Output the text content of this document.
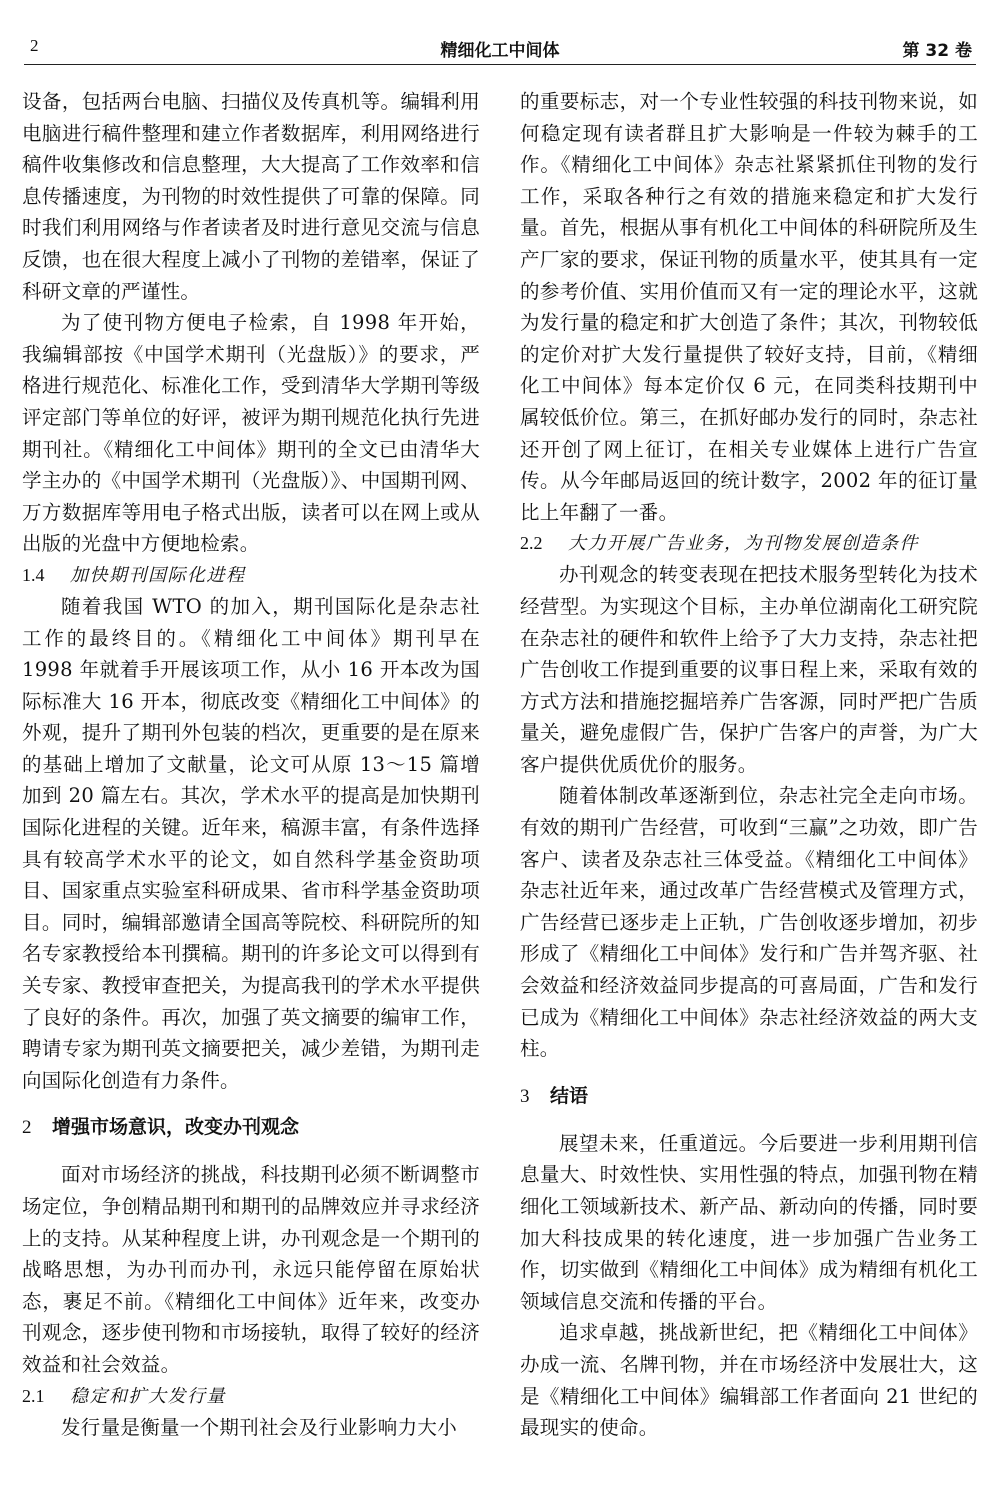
2	精细化工中间体	第 32 卷

设备，包括两台电脑、扫描仪及传真机等。编辑利用电脑进行稿件整理和建立作者数据库，利用网络进行稿件收集修改和信息整理，大大提高了工作效率和信息传播速度，为刊物的时效性提供了可靠的保障。同时我们利用网络与作者读者及时进行意见交流与信息反馈，也在很大程度上减小了刊物的差错率，保证了科研文章的严谨性。

为了使刊物方便电子检索，自 1998 年开始，我编辑部按《中国学术期刊（光盘版）》的要求，严格进行规范化、标准化工作，受到清华大学期刊等级评定部门等单位的好评，被评为期刊规范化执行先进期刊社。《精细化工中间体》期刊的全文已由清华大学主办的《中国学术期刊（光盘版）》、中国期刊网、万方数据库等用电子格式出版，读者可以在网上或从出版的光盘中方便地检索。

1.4 加快期刊国际化进程

随着我国 WTO 的加入，期刊国际化是杂志社工作的最终目的。《精细化工中间体》期刊早在 1998 年就着手开展该项工作，从小 16 开本改为国际标准大 16 开本，彻底改变《精细化工中间体》的外观，提升了期刊外包装的档次，更重要的是在原来的基础上增加了文献量，论文可从原 13～15 篇增加到 20 篇左右。其次，学术水平的提高是加快期刊国际化进程的关键。近年来，稿源丰富，有条件选择具有较高学术水平的论文，如自然科学基金资助项目、国家重点实验室科研成果、省市科学基金资助项目。同时，编辑部邀请全国高等院校、科研院所的知名专家教授给本刊撰稿。期刊的许多论文可以得到有关专家、教授审查把关，为提高我刊的学术水平提供了良好的条件。再次，加强了英文摘要的编审工作，聘请专家为期刊英文摘要把关，减少差错，为期刊走向国际化创造有力条件。

2 增强市场意识，改变办刊观念

面对市场经济的挑战，科技期刊必须不断调整市场定位，争创精品期刊和期刊的品牌效应并寻求经济上的支持。从某种程度上讲，办刊观念是一个期刊的战略思想，为办刊而办刊，永远只能停留在原始状态，裹足不前。《精细化工中间体》近年来，改变办刊观念，逐步使刊物和市场接轨，取得了较好的经济效益和社会效益。

2.1 稳定和扩大发行量

发行量是衡量一个期刊社会及行业影响力大小

的重要标志，对一个专业性较强的科技刊物来说，如何稳定现有读者群且扩大影响是一件较为棘手的工作。《精细化工中间体》杂志社紧紧抓住刊物的发行工作，采取各种行之有效的措施来稳定和扩大发行量。首先，根据从事有机化工中间体的科研院所及生产厂家的要求，保证刊物的质量水平，使其具有一定的参考价值、实用价值而又有一定的理论水平，这就为发行量的稳定和扩大创造了条件；其次，刊物较低的定价对扩大发行量提供了较好支持，目前，《精细化工中间体》每本定价仅 6 元，在同类科技期刊中属较低价位。第三，在抓好邮办发行的同时，杂志社还开创了网上征订，在相关专业媒体上进行广告宣传。从今年邮局返回的统计数字，2002 年的征订量比上年翻了一番。

2.2 大力开展广告业务，为刊物发展创造条件

办刊观念的转变表现在把技术服务型转化为技术经营型。为实现这个目标，主办单位湖南化工研究院在杂志社的硬件和软件上给予了大力支持，杂志社把广告创收工作提到重要的议事日程上来，采取有效的方式方法和措施挖掘培养广告客源，同时严把广告质量关，避免虚假广告，保护广告客户的声誉，为广大客户提供优质优价的服务。

随着体制改革逐渐到位，杂志社完全走向市场。有效的期刊广告经营，可收到“三赢”之功效，即广告客户、读者及杂志社三体受益。《精细化工中间体》杂志社近年来，通过改革广告经营模式及管理方式，广告经营已逐步走上正轨，广告创收逐步增加，初步形成了《精细化工中间体》发行和广告并驾齐驱、社会效益和经济效益同步提高的可喜局面，广告和发行已成为《精细化工中间体》杂志社经济效益的两大支柱。

3 结语

展望未来，任重道远。今后要进一步利用期刊信息量大、时效性快、实用性强的特点，加强刊物在精细化工领域新技术、新产品、新动向的传播，同时要加大科技成果的转化速度，进一步加强广告业务工作，切实做到《精细化工中间体》成为精细有机化工领域信息交流和传播的平台。

追求卓越，挑战新世纪，把《精细化工中间体》办成一流、名牌刊物，并在市场经济中发展壮大，这是《精细化工中间体》编辑部工作者面向 21 世纪的最现实的使命。
